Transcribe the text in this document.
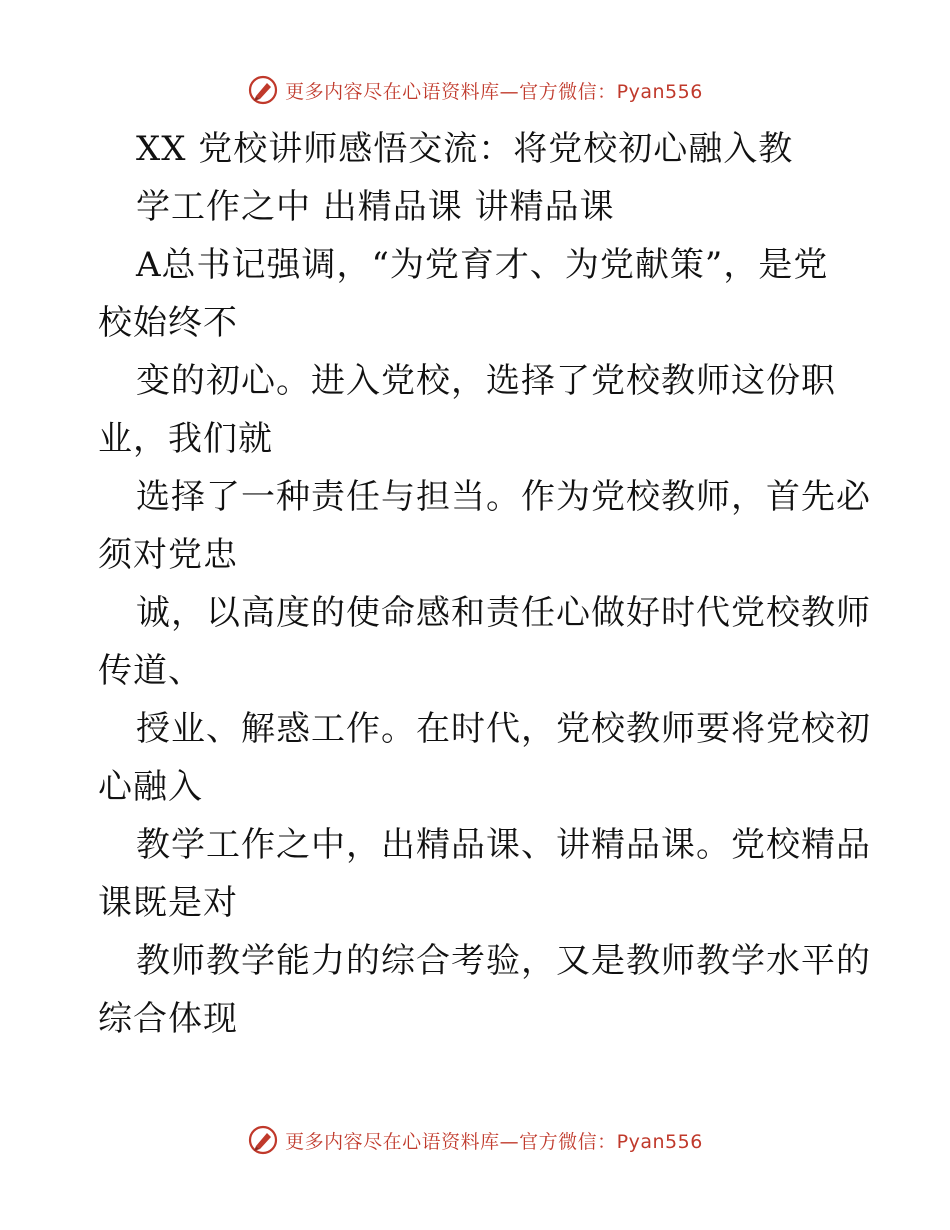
更多内容尽在心语资料库—官方微信：Pyan556
XX 党校讲师感悟交流：将党校初心融入教
学工作之中 出精品课 讲精品课
A总书记强调，“为党育才、为党献策”，是党
校始终不
变的初心。进入党校，选择了党校教师这份职
业，我们就
选择了一种责任与担当。作为党校教师，首先必
须对党忠
诚，以高度的使命感和责任心做好时代党校教师
传道、
授业、解惑工作。在时代，党校教师要将党校初
心融入
教学工作之中，出精品课、讲精品课。党校精品
课既是对
教师教学能力的综合考验，又是教师教学水平的
综合体现
更多内容尽在心语资料库—官方微信：Pyan556
